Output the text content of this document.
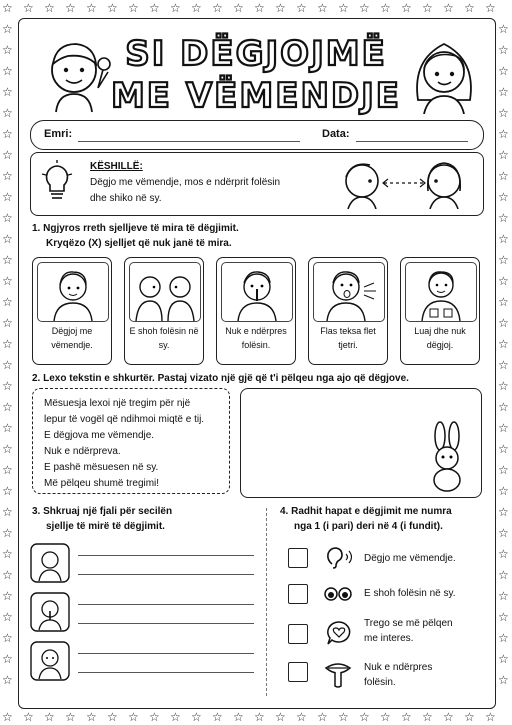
☆
☆
☆
☆
☆
☆
☆
☆
☆
☆
☆
☆
☆
☆
☆
☆
☆
☆
☆
☆
☆
☆
☆
☆
☆
☆
☆
☆
☆
☆
☆
☆
☆
☆
☆
☆
☆
☆
☆
☆
☆
☆
☆
☆
☆
☆
☆
☆
☆	☆
☆	☆
☆	☆
☆	☆
☆	☆
☆	☆
☆	☆
☆	☆
☆	☆
☆	☆
☆	☆
☆	☆
☆	☆
☆	☆
☆	☆
☆	☆
☆	☆
☆	☆
☆	☆
☆	☆
☆	☆
☆	☆
☆	☆
☆	☆
☆	☆
☆	☆
☆	☆
☆	☆
☆	☆
☆	☆
☆	☆
☆	☆
SI DËGJOJMË
ME VËMENDJE
Emri:	Data:
KËSHILLË:
Dëgjo me vëmendje, mos e ndërprit folësin
dhe shiko në sy.
1. Ngjyros rreth sjelljeve të mira të dëgjimit.
Kryqëzo (X) sjelljet që nuk janë të mira.
Dëgjoj me vëmendje.
E shoh folësin në sy.
Nuk e ndërpres folësin.
Flas teksa flet tjetri.
Luaj dhe nuk dëgjoj.
2. Lexo tekstin e shkurtër. Pastaj vizato një gjë që t'i pëlqeu nga ajo që dëgjove.
Mësuesja lexoi një tregim për një
lepur të vogël që ndihmoi miqtë e tij.
E dëgjova me vëmendje.
Nuk e ndërpreva.
E pashë mësuesen në sy.
Më pëlqeu shumë tregimi!
3. Shkruaj një fjali për secilën
sjellje të mirë të dëgjimit.
4. Radhit hapat e dëgjimit me numra
nga 1 (i pari) deri në 4 (i fundit).
Dëgjo me vëmendje.
E shoh folësin në sy.
Trego se më pëlqen me interes.
Nuk e ndërpres folësin.
